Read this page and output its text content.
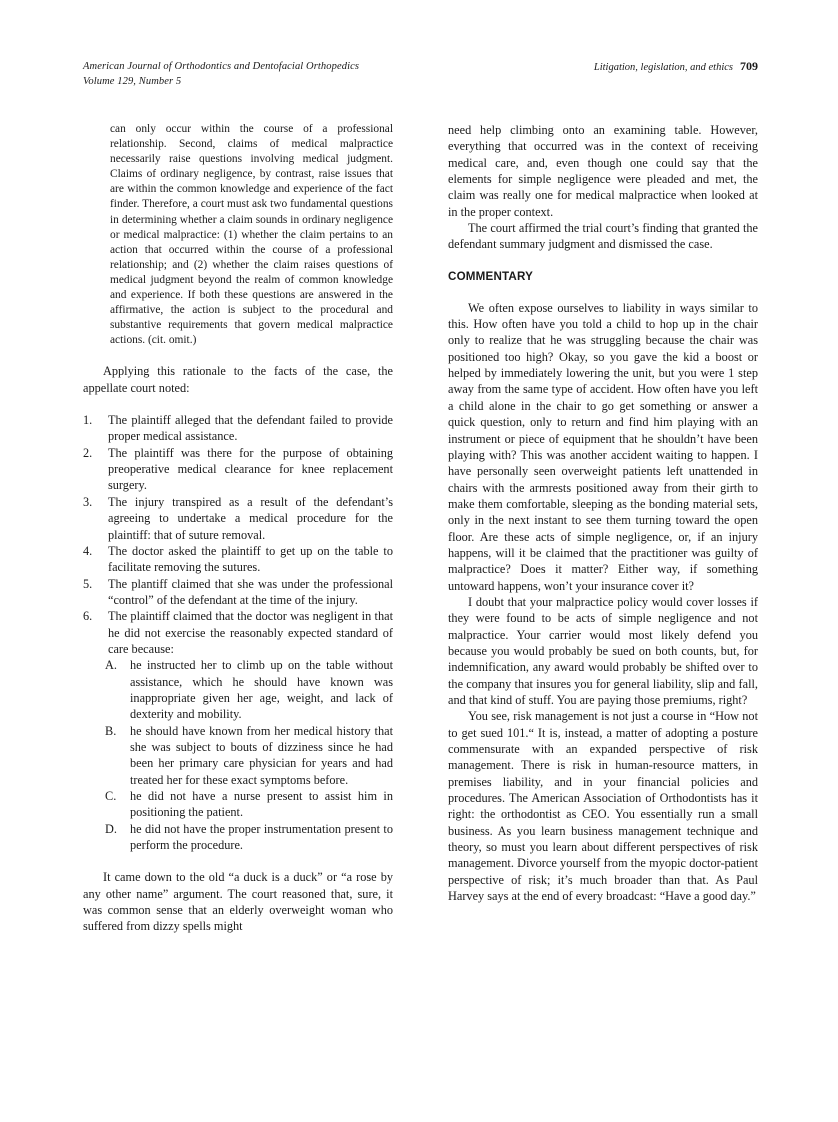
American Journal of Orthodontics and Dentofacial Orthopedics
Volume 129, Number 5
Litigation, legislation, and ethics 709

can only occur within the course of a professional relationship. Second, claims of medical malpractice necessarily raise questions involving medical judgment. Claims of ordinary negligence, by contrast, raise issues that are within the common knowledge and experience of the fact finder. Therefore, a court must ask two fundamental questions in determining whether a claim sounds in ordinary negligence or medical malpractice: (1) whether the claim pertains to an action that occurred within the course of a professional relationship; and (2) whether the claim raises questions of medical judgment beyond the realm of common knowledge and experience. If both these questions are answered in the affirmative, the action is subject to the procedural and substantive requirements that govern medical malpractice actions. (cit. omit.)

Applying this rationale to the facts of the case, the appellate court noted:

1.	The plaintiff alleged that the defendant failed to provide proper medical assistance.
2.	The plaintiff was there for the purpose of obtaining preoperative medical clearance for knee replacement surgery.
3.	The injury transpired as a result of the defendant’s agreeing to undertake a medical procedure for the plaintiff: that of suture removal.
4.	The doctor asked the plaintiff to get up on the table to facilitate removing the sutures.
5.	The plantiff claimed that she was under the professional “control” of the defendant at the time of the injury.
6.	The plaintiff claimed that the doctor was negligent in that he did not exercise the reasonably expected standard of care because:
A.	he instructed her to climb up on the table without assistance, which he should have known was inappropriate given her age, weight, and lack of dexterity and mobility.
B.	he should have known from her medical history that she was subject to bouts of dizziness since he had been her primary care physician for years and had treated her for these exact symptoms before.
C.	he did not have a nurse present to assist him in positioning the patient.
D.	he did not have the proper instrumentation present to perform the procedure.

It came down to the old “a duck is a duck” or “a rose by any other name” argument. The court reasoned that, sure, it was common sense that an elderly overweight woman who suffered from dizzy spells might

need help climbing onto an examining table. However, everything that occurred was in the context of receiving medical care, and, even though one could say that the elements for simple negligence were pleaded and met, the claim was really one for medical malpractice when looked at in the proper context.

The court affirmed the trial court’s finding that granted the defendant summary judgment and dismissed the case.

COMMENTARY

We often expose ourselves to liability in ways similar to this. How often have you told a child to hop up in the chair only to realize that he was struggling because the chair was positioned too high? Okay, so you gave the kid a boost or helped by immediately lowering the unit, but you were 1 step away from the same type of accident. How often have you left a child alone in the chair to go get something or answer a quick question, only to return and find him playing with an instrument or piece of equipment that he shouldn’t have been playing with? This was another accident waiting to happen. I have personally seen overweight patients left unattended in chairs with the armrests positioned away from their girth to make them comfortable, sleeping as the bonding material sets, only in the next instant to see them turning toward the open floor. Are these acts of simple negligence, or, if an injury happens, will it be claimed that the practitioner was guilty of malpractice? Does it matter? Either way, if something untoward happens, won’t your insurance cover it?

I doubt that your malpractice policy would cover losses if they were found to be acts of simple negligence and not malpractice. Your carrier would most likely defend you because you would probably be sued on both counts, but, for indemnification, any award would probably be shifted over to the company that insures you for general liability, slip and fall, and that kind of stuff. You are paying those premiums, right?

You see, risk management is not just a course in “How not to get sued 101.“ It is, instead, a matter of adopting a posture commensurate with an expanded perspective of risk management. There is risk in human-resource matters, in premises liability, and in your financial policies and procedures. The American Association of Orthodontists has it right: the orthodontist as CEO. You essentially run a small business. As you learn business management technique and theory, so must you learn about different perspectives of risk management. Divorce yourself from the myopic doctor-patient perspective of risk; it’s much broader than that. As Paul Harvey says at the end of every broadcast: “Have a good day.”
